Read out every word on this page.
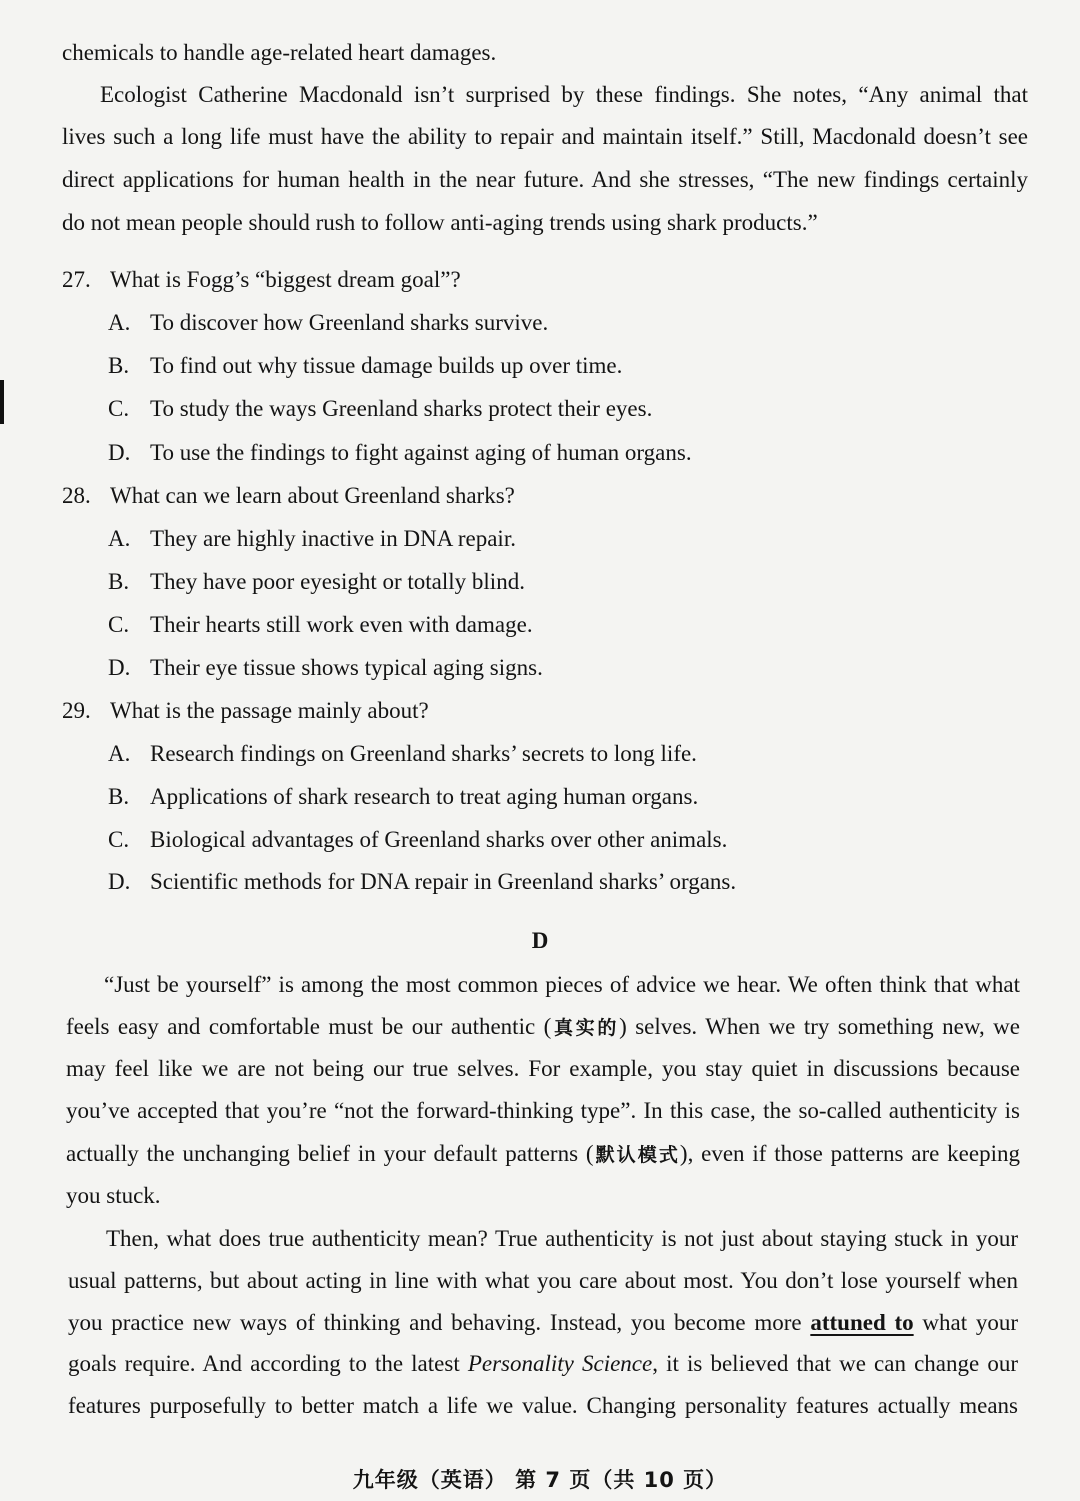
chemicals to handle age-related heart damages.
Ecologist Catherine Macdonald isn’t surprised by these findings. She notes, “Any animal that
lives such a long life must have the ability to repair and maintain itself.” Still, Macdonald doesn’t see
direct applications for human health in the near future. And she stresses, “The new findings certainly
do not mean people should rush to follow anti-aging trends using shark products.”
27. What is Fogg’s “biggest dream goal”?
A. To discover how Greenland sharks survive.
B. To find out why tissue damage builds up over time.
C. To study the ways Greenland sharks protect their eyes.
D. To use the findings to fight against aging of human organs.
28. What can we learn about Greenland sharks?
A. They are highly inactive in DNA repair.
B. They have poor eyesight or totally blind.
C. Their hearts still work even with damage.
D. Their eye tissue shows typical aging signs.
29. What is the passage mainly about?
A. Research findings on Greenland sharks’ secrets to long life.
B. Applications of shark research to treat aging human organs.
C. Biological advantages of Greenland sharks over other animals.
D. Scientific methods for DNA repair in Greenland sharks’ organs.
D
“Just be yourself” is among the most common pieces of advice we hear. We often think that what
feels easy and comfortable must be our authentic (真实的) selves. When we try something new, we
may feel like we are not being our true selves. For example, you stay quiet in discussions because
you’ve accepted that you’re “not the forward-thinking type”. In this case, the so-called authenticity is
actually the unchanging belief in your default patterns (默认模式), even if those patterns are keeping
you stuck.
Then, what does true authenticity mean? True authenticity is not just about staying stuck in your
usual patterns, but about acting in line with what you care about most. You don’t lose yourself when
you practice new ways of thinking and behaving. Instead, you become more attuned to what your
goals require. And according to the latest Personality Science, it is believed that we can change our
features purposefully to better match a life we value. Changing personality features actually means
九年级（英语） 第 7 页（共 10 页）
